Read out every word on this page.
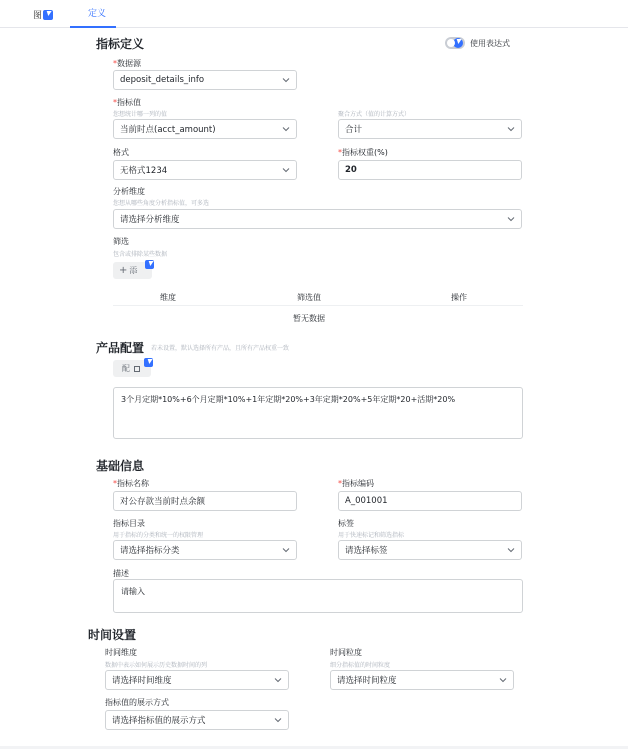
图	定义
指标定义	使用表达式
*数据源
deposit_details_info
*指标值
您想统计哪一列的值
当前时点(acct_amount)
聚合方式（值的计算方式）
合计
格式
无格式1234
*指标权重(%)
20
分析维度
您想从哪些角度分析指标值，可多选
请选择分析维度
筛选
包含或排除某些数据
+ 添
维度	筛选值	操作
暂无数据
产品配置 若未设置，默认选择所有产品，且所有产品权重一致
配
3个月定期*10%+6个月定期*10%+1年定期*20%+3年定期*20%+5年定期*20+活期*20%
基础信息
*指标名称
对公存款当前时点余额
*指标编码
A_001001
指标目录
用于指标的分类和统一的权限管理
请选择指标分类
标签
用于快速标记和筛选指标
请选择标签
描述
请输入
时间设置
时间维度
数据中表示如何展示历史数据时间的列
请选择时间维度
时间粒度
细分指标值的时间粒度
请选择时间粒度
指标值的展示方式
请选择指标值的展示方式
